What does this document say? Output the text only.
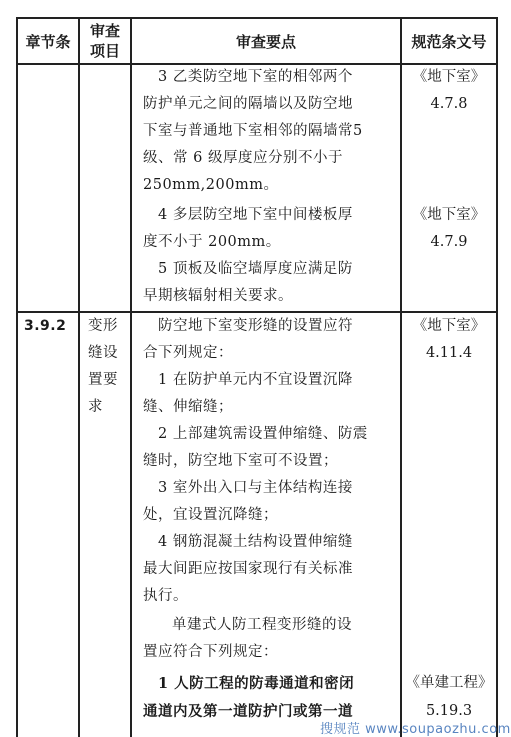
章节条
审查
项目	审查要点	规范条文号
3 乙类防空地下室的相邻两个
防护单元之间的隔墙以及防空地
下室与普通地下室相邻的隔墙常5
级、常 6 级厚度应分别不小于
250mm,200mm。
4 多层防空地下室中间楼板厚
度不小于 200mm。
5 顶板及临空墙厚度应满足防
早期核辐射相关要求。
《地下室》
4.7.8
《地下室》
4.7.9
3.9.2 变形
缝设
置要
求
防空地下室变形缝的设置应符
合下列规定：
1 在防护单元内不宜设置沉降
缝、伸缩缝；
2 上部建筑需设置伸缩缝、防震
缝时，防空地下室可不设置；
3 室外出入口与主体结构连接
处，宜设置沉降缝；
4 钢筋混凝土结构设置伸缩缝
最大间距应按国家现行有关标准
执行。
单建式人防工程变形缝的设
置应符合下列规定：
1 人防工程的防毒通道和密闭
通道内及第一道防护门或第一道
《地下室》
4.11.4
《单建工程》
5.19.3
搜规范 www.soupaozhu.com
